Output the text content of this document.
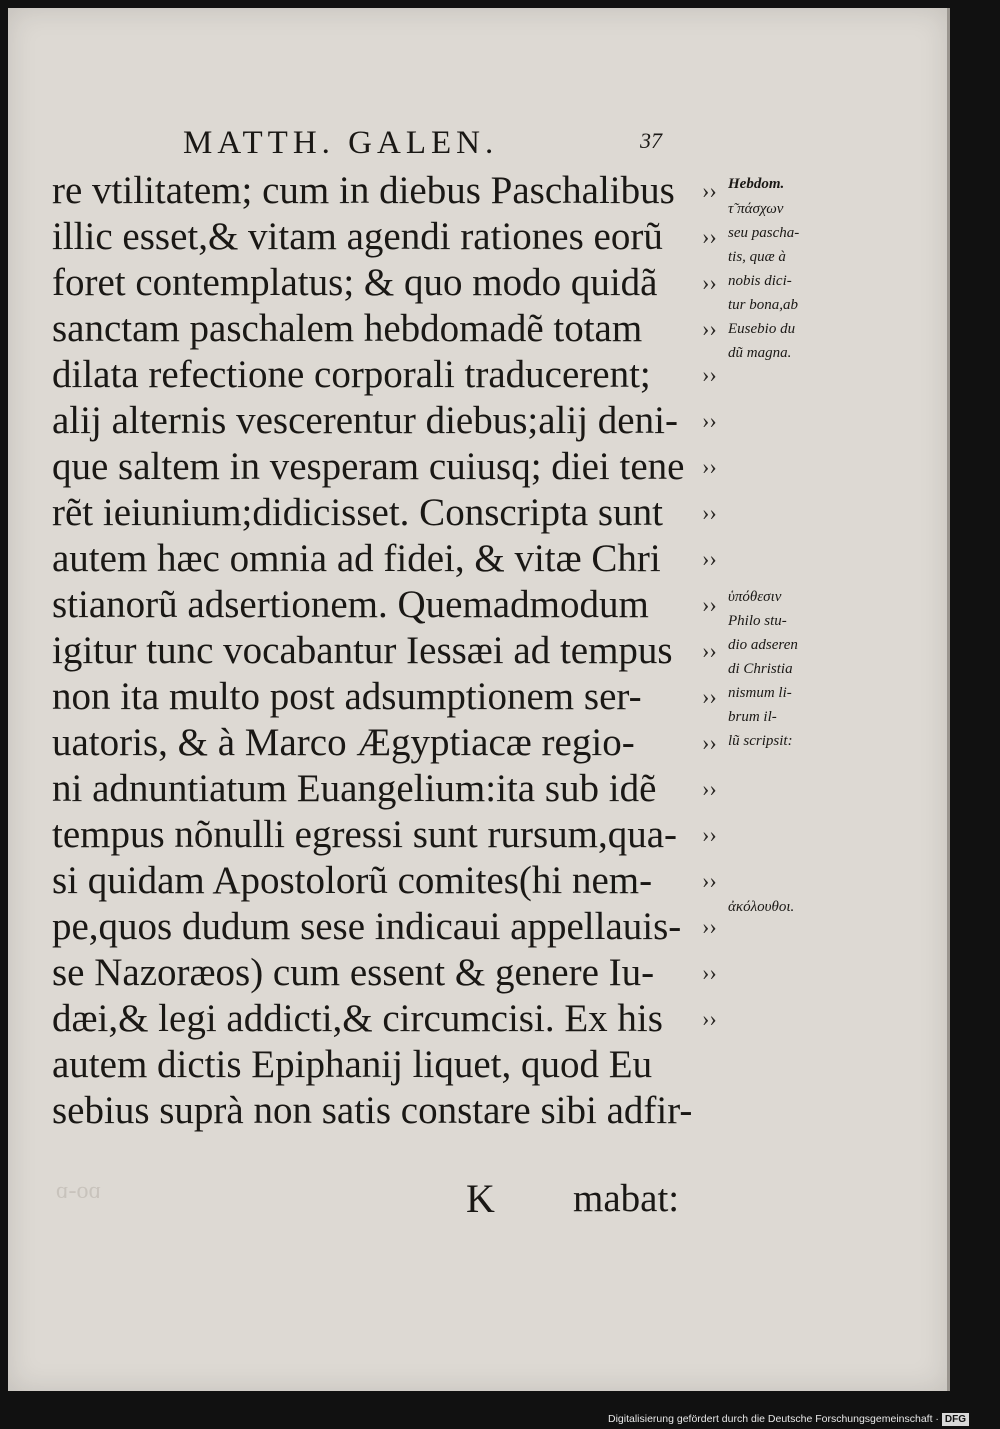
MATTH. GALEN.	37
re vtilitatem; cum in diebus Paschalibus
illic esset,& vitam agendi rationes eorũ
foret contemplatus; & quo modo quidã
sanctam paschalem hebdomadẽ totam
dilata refectione corporali traducerent;
alij alternis vescerentur diebus;alij deni-
que saltem in vesperam cuiusq; diei tene
rẽt ieiunium;didicisset. Conscripta sunt
autem hæc omnia ad fidei, & vitæ Chri
stianorũ adsertionem. Quemadmodum
igitur tunc vocabantur Iessæi ad tempus
non ita multo post adsumptionem ser-
uatoris, & à Marco Ægyptiacæ regio-
ni adnuntiatum Euangelium:ita sub idẽ
tempus nõnulli egressi sunt rursum,qua-
si quidam Apostolorũ comites(hi nem-
pe,quos dudum sese indicaui appellauis-
se Nazoræos) cum essent & genere Iu-
dæi,& legi addicti,& circumcisi. Ex his
autem dictis Epiphanij liquet, quod Eu
sebius suprà non satis constare sibi adfir-
››
››
››
››
››
››
››
››
››
››
››
››
››
››
››
››
››
››
››
Hebdom.
τ̃ πάσχων
seu pascha-
tis, quæ à
nobis dici-
tur bona,ab
Eusebio du
dũ magna.
ὑπόθεσιν
Philo stu-
dio adseren
di Christia
nismum li-
brum il-
lũ scripsit:
ἀκόλουθοι.
ɒo-ɒ	K mabat:
Digitalisierung gefördert durch die Deutsche Forschungsgemeinschaft · DFG
